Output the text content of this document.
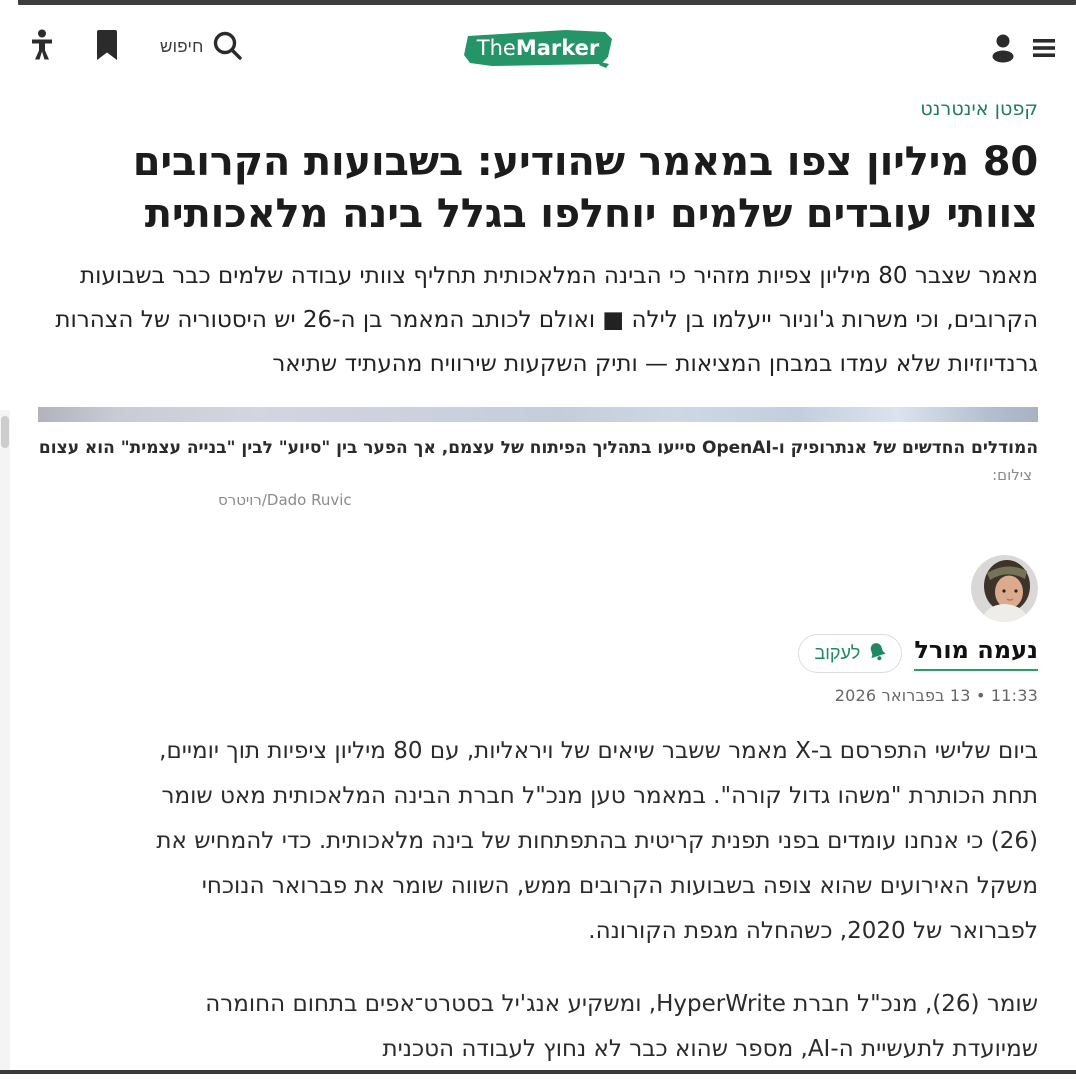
חיפוש	TheMarker
קפטן אינטרנט
80 מיליון צפו במאמר שהודיע: בשבועות הקרובים צוותי עובדים שלמים יוחלפו בגלל בינה מלאכותית

מאמר שצבר 80 מיליון צפיות מזהיר כי הבינה המלאכותית תחליף צוותי עבודה שלמים כבר בשבועות הקרובים, וכי משרות ג'וניור ייעלמו בן לילה ■ ואולם לכותב המאמר בן ה-26 יש היסטוריה של הצהרות גרנדיוזיות שלא עמדו במבחן המציאות — ותיק השקעות שירוויח מהעתיד שתיאר

המודלים החדשים של אנתרופיק ו-OpenAI סייעו בתהליך הפיתוח של עצמם, אך הפער בין "סיוע" לבין "בנייה עצמית" הוא עצום צילום:
רויטרס/Dado Ruvic
נעמה מורל
לעקוב
11:33 • 13 בפברואר 2026

ביום שלישי התפרסם ב-X מאמר ששבר שיאים של ויראליות, עם 80 מיליון ציפיות תוך יומיים, תחת הכותרת "משהו גדול קורה". במאמר טען מנכ"ל חברת הבינה המלאכותית מאט שומר (26) כי אנחנו עומדים בפני תפנית קריטית בהתפתחות של בינה מלאכותית. כדי להמחיש את משקל האירועים שהוא צופה בשבועות הקרובים ממש, השווה שומר את פברואר הנוכחי לפברואר של 2020, כשהחלה מגפת הקורונה.

שומר (26), מנכ"ל חברת HyperWrite, ומשקיע אנג'יל בסטרט־אפים בתחום החומרה שמיועדת לתעשיית ה-AI, מספר שהוא כבר לא נחוץ לעבודה הטכנית
